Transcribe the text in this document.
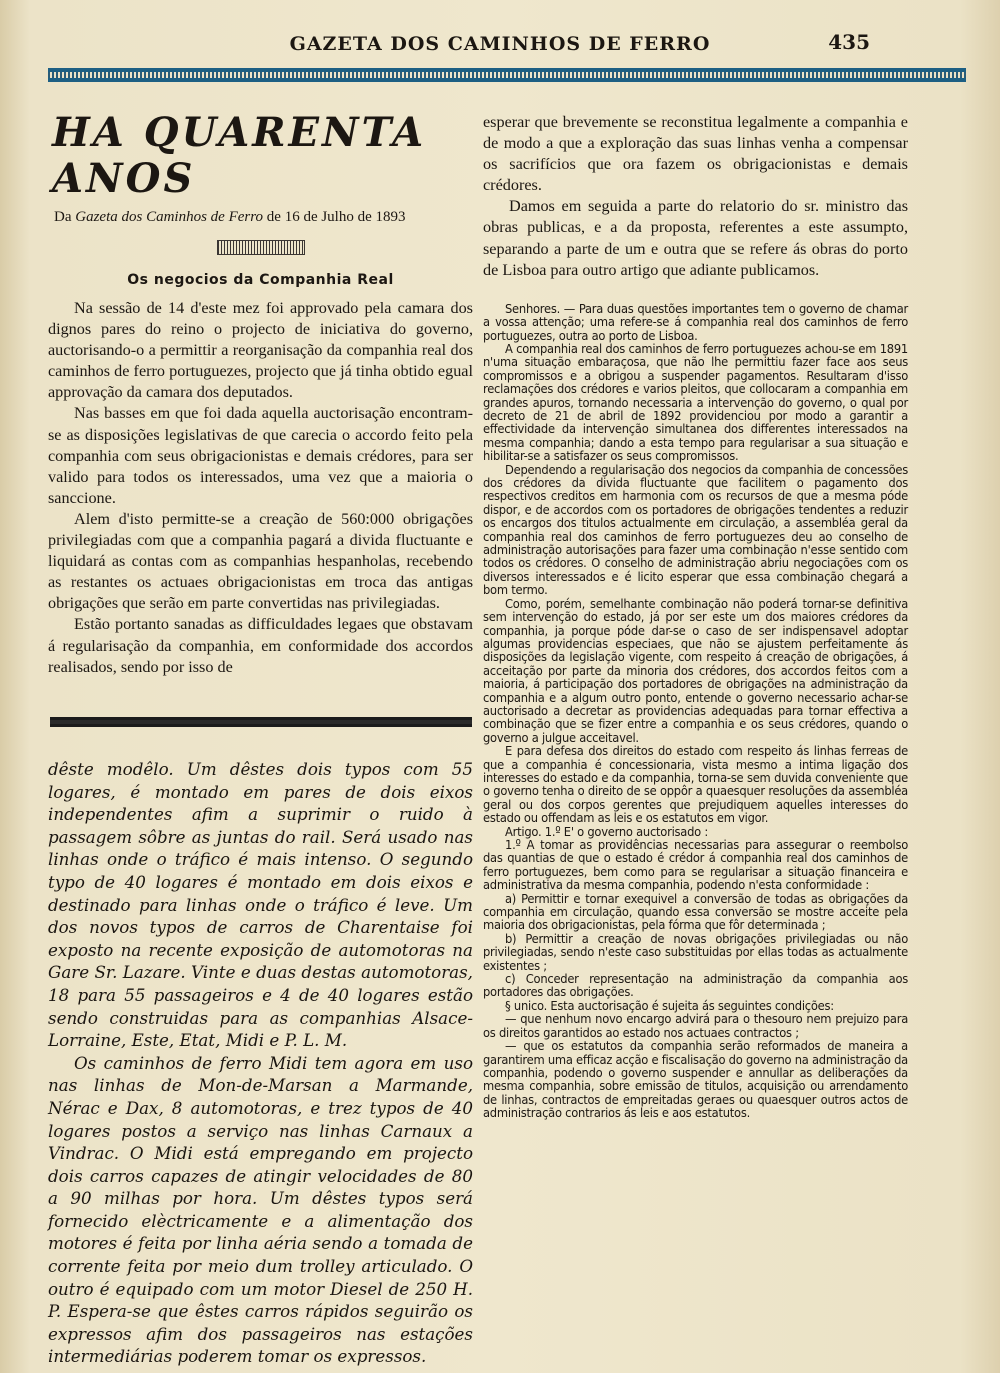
GAZETA DOS CAMINHOS DE FERRO	435
HA QUARENTA ANOS
Da Gazeta dos Caminhos de Ferro de 16 de Julho de 1893
Os negocios da Companhia Real

Na sessão de 14 d'este mez foi approvado pela camara dos dignos pares do reino o projecto de iniciativa do governo, auctorisando-o a permittir a reorganisação da companhia real dos caminhos de ferro portuguezes, projecto que já tinha obtido egual approvação da camara dos deputados.

Nas basses em que foi dada aquella auctorisação encontram-se as disposições legislativas de que carecia o accordo feito pela companhia com seus obrigacionistas e demais crédores, para ser valido para todos os interessados, uma vez que a maioria o sanccione.

Alem d'isto permitte-se a creação de 560:000 obrigações privilegiadas com que a companhia pagará a divida fluctuante e liquidará as contas com as companhias hespanholas, recebendo as restantes os actuaes obrigacionistas em troca das antigas obrigações que serão em parte convertidas nas privilegiadas.

Estão portanto sanadas as difficuldades legaes que obstavam á regularisação da companhia, em conformidade dos accordos realisados, sendo por isso de

dêste modêlo. Um dêstes dois typos com 55 logares, é montado em pares de dois eixos independentes afim a suprimir o ruido à passagem sôbre as juntas do rail. Será usado nas linhas onde o tráfico é mais intenso. O segundo typo de 40 logares é montado em dois eixos e destinado para linhas onde o tráfico é leve. Um dos novos typos de carros de Charentaise foi exposto na recente exposição de automotoras na Gare Sr. Lazare. Vinte e duas destas automotoras, 18 para 55 passageiros e 4 de 40 logares estão sendo construidas para as companhias Alsace-Lorraine, Este, Etat, Midi e P. L. M.

Os caminhos de ferro Midi tem agora em uso nas linhas de Mon-de-Marsan a Marmande, Nérac e Dax, 8 automotoras, e trez typos de 40 logares postos a serviço nas linhas Carnaux a Vindrac. O Midi está empregando em projecto dois carros capazes de atingir velocidades de 80 a 90 milhas por hora. Um dêstes typos será fornecido elèctricamente e a alimentação dos motores é feita por linha aéria sendo a tomada de corrente feita por meio dum trolley articulado. O outro é equipado com um motor Diesel de 250 H. P. Espera-se que êstes carros rápidos seguirão os expressos afim dos passageiros nas estações intermediárias poderem tomar os expressos.

esperar que brevemente se reconstitua legalmente a companhia e de modo a que a exploração das suas linhas venha a compensar os sacrifícios que ora fazem os obrigacionistas e demais crédores.

Damos em seguida a parte do relatorio do sr. ministro das obras publicas, e a da proposta, referentes a este assumpto, separando a parte de um e outra que se refere ás obras do porto de Lisboa para outro artigo que adiante publicamos.

Senhores. — Para duas questões importantes tem o governo de chamar a vossa attenção; uma refere-se á companhia real dos caminhos de ferro portuguezes, outra ao porto de Lisboa.

A companhia real dos caminhos de ferro portuguezes achou-se em 1891 n'uma situação embaraçosa, que não lhe permittiu fazer face aos seus compromissos e a obrigou a suspender pagamentos. Resultaram d'isso reclamações dos crédores e varios pleitos, que collocaram a companhia em grandes apuros, tornando necessaria a intervenção do governo, o qual por decreto de 21 de abril de 1892 providenciou por modo a garantir a effectividade da intervenção simultanea dos differentes interessados na mesma companhia; dando a esta tempo para regularisar a sua situação e hibilitar-se a satisfazer os seus compromissos.

Dependendo a regularisação dos negocios da companhia de concessões dos crédores da divida fluctuante que facilitem o pagamento dos respectivos creditos em harmonia com os recursos de que a mesma póde dispor, e de accordos com os portadores de obrigações tendentes a reduzir os encargos dos titulos actualmente em circulação, a assembléa geral da companhia real dos caminhos de ferro portuguezes deu ao conselho de administração autorisações para fazer uma combinação n'esse sentido com todos os crédores. O conselho de administração abriu negociações com os diversos interessados e é licito esperar que essa combinação chegará a bom termo.

Como, porém, semelhante combinação não poderá tornar-se definitiva sem intervenção do estado, já por ser este um dos maiores crédores da companhia, ja porque póde dar-se o caso de ser indispensavel adoptar algumas providencias especiaes, que não se ajustem perfeitamente ás disposições da legislação vigente, com respeito á creação de obrigações, á acceitação por parte da minoria dos crédores, dos accordos feitos com a maioria, á participação dos portadores de obrigações na administração da companhia e a algum outro ponto, entende o governo necessario achar-se auctorisado a decretar as providencias adequadas para tornar effectiva a combinação que se fizer entre a companhia e os seus crédores, quando o governo a julgue acceitavel.

E para defesa dos direitos do estado com respeito ás linhas ferreas de que a companhia é concessionaria, vista mesmo a intima ligação dos interesses do estado e da companhia, torna-se sem duvida conveniente que o governo tenha o direito de se oppôr a quaesquer resoluções da assembléa geral ou dos corpos gerentes que prejudiquem aquelles interesses do estado ou offendam as leis e os estatutos em vigor.

Artigo. 1.º E' o governo auctorisado :

1.º A tomar as providências necessarias para assegurar o reembolso das quantias de que o estado é crédor á companhia real dos caminhos de ferro portuguezes, bem como para se regularisar a situação financeira e administrativa da mesma companhia, podendo n'esta conformidade :

a) Permittir e tornar exequivel a conversão de todas as obrigações da companhia em circulação, quando essa conversão se mostre acceite pela maioria dos obrigacionistas, pela fórma que fôr determinada ;

b) Permittir a creação de novas obrigações privilegiadas ou não privilegiadas, sendo n'este caso substituidas por ellas todas as actualmente existentes ;

c) Conceder representação na administração da companhia aos portadores das obrigações.

§ unico. Esta auctorisação é sujeita ás seguintes condições:

— que nenhum novo encargo advirá para o thesouro nem prejuizo para os direitos garantidos ao estado nos actuaes contractos ;

— que os estatutos da companhia serão reformados de maneira a garantirem uma efficaz acção e fiscalisação do governo na administração da companhia, podendo o governo suspender e annullar as deliberações da mesma companhia, sobre emissão de titulos, acquisição ou arrendamento de linhas, contractos de empreitadas geraes ou quaesquer outros actos de administração contrarios ás leis e aos estatutos.
